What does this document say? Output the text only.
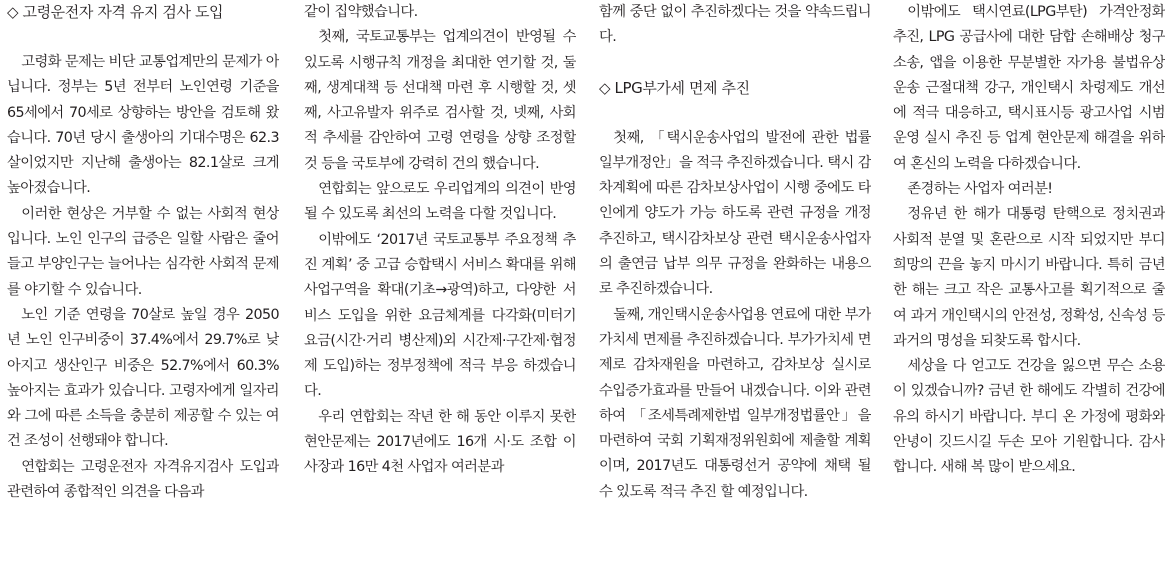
◇ 고령운전자 자격 유지 검사 도입

고령화 문제는 비단 교통업계만의 문제가 아닙니다. 정부는 5년 전부터 노인연령 기준을 65세에서 70세로 상향하는 방안을 검토해 왔습니다. 70년 당시 출생아의 기대수명은 62.3살이었지만 지난해 출생아는 82.1살로 크게 높아졌습니다.

이러한 현상은 거부할 수 없는 사회적 현상입니다. 노인 인구의 급증은 일할 사람은 줄어들고 부양인구는 늘어나는 심각한 사회적 문제를 야기할 수 있습니다.

노인 기준 연령을 70살로 높일 경우 2050년 노인 인구비중이 37.4%에서 29.7%로 낮아지고 생산인구 비중은 52.7%에서 60.3% 높아지는 효과가 있습니다. 고령자에게 일자리와 그에 따른 소득을 충분히 제공할 수 있는 여건 조성이 선행돼야 합니다.

연합회는 고령운전자 자격유지검사 도입과 관련하여 종합적인 의견을 다음과

같이 집약했습니다.

첫째, 국토교통부는 업계의견이 반영될 수 있도록 시행규칙 개정을 최대한 연기할 것, 둘째, 생계대책 등 선대책 마련 후 시행할 것, 셋째, 사고유발자 위주로 검사할 것, 넷째, 사회적 추세를 감안하여 고령 연령을 상향 조정할 것 등을 국토부에 강력히 건의 했습니다.

연합회는 앞으로도 우리업계의 의견이 반영될 수 있도록 최선의 노력을 다할 것입니다.

이밖에도 ‘2017년 국토교통부 주요정책 추진 계획’ 중 고급 승합택시 서비스 확대를 위해 사업구역을 확대(기초→광역)하고, 다양한 서비스 도입을 위한 요금체계를 다각화(미터기 요금(시간·거리 병산제)외 시간제·구간제·협정제 도입)하는 정부정책에 적극 부응 하겠습니다.

우리 연합회는 작년 한 해 동안 이루지 못한 현안문제는 2017년에도 16개 시·도 조합 이사장과 16만 4천 사업자 여러분과

함께 중단 없이 추진하겠다는 것을 약속드립니다.

◇ LPG부가세 면제 추진

첫째, 「택시운송사업의 발전에 관한 법률 일부개정안」을 적극 추진하겠습니다. 택시 감차계획에 따른 감차보상사업이 시행 중에도 타인에게 양도가 가능 하도록 관련 규정을 개정추진하고, 택시감차보상 관련 택시운송사업자의 출연금 납부 의무 규정을 완화하는 내용으로 추진하겠습니다.

둘째, 개인택시운송사업용 연료에 대한 부가가치세 면제를 추진하겠습니다. 부가가치세 면제로 감차재원을 마련하고, 감차보상 실시로 수입증가효과를 만들어 내겠습니다. 이와 관련하여 「조세특례제한법 일부개정법률안」을 마련하여 국회 기획재정위원회에 제출할 계획이며, 2017년도 대통령선거 공약에 채택 될 수 있도록 적극 추진 할 예정입니다.

이밖에도 택시연료(LPG부탄) 가격안정화 추진, LPG 공급사에 대한 담합 손해배상 청구소송, 앱을 이용한 무분별한 자가용 불법유상운송 근절대책 강구, 개인택시 차령제도 개선에 적극 대응하고, 택시표시등 광고사업 시범운영 실시 추진 등 업계 현안문제 해결을 위하여 혼신의 노력을 다하겠습니다.

존경하는 사업자 여러분!

정유년 한 해가 대통령 탄핵으로 정치권과 사회적 분열 및 혼란으로 시작 되었지만 부디 희망의 끈을 놓지 마시기 바랍니다. 특히 금년 한 해는 크고 작은 교통사고를 획기적으로 줄여 과거 개인택시의 안전성, 정확성, 신속성 등 과거의 명성을 되찾도록 합시다.

세상을 다 얻고도 건강을 잃으면 무슨 소용이 있겠습니까? 금년 한 해에도 각별히 건강에 유의 하시기 바랍니다. 부디 온 가정에 평화와 안녕이 깃드시길 두손 모아 기원합니다. 감사합니다. 새해 복 많이 받으세요.
